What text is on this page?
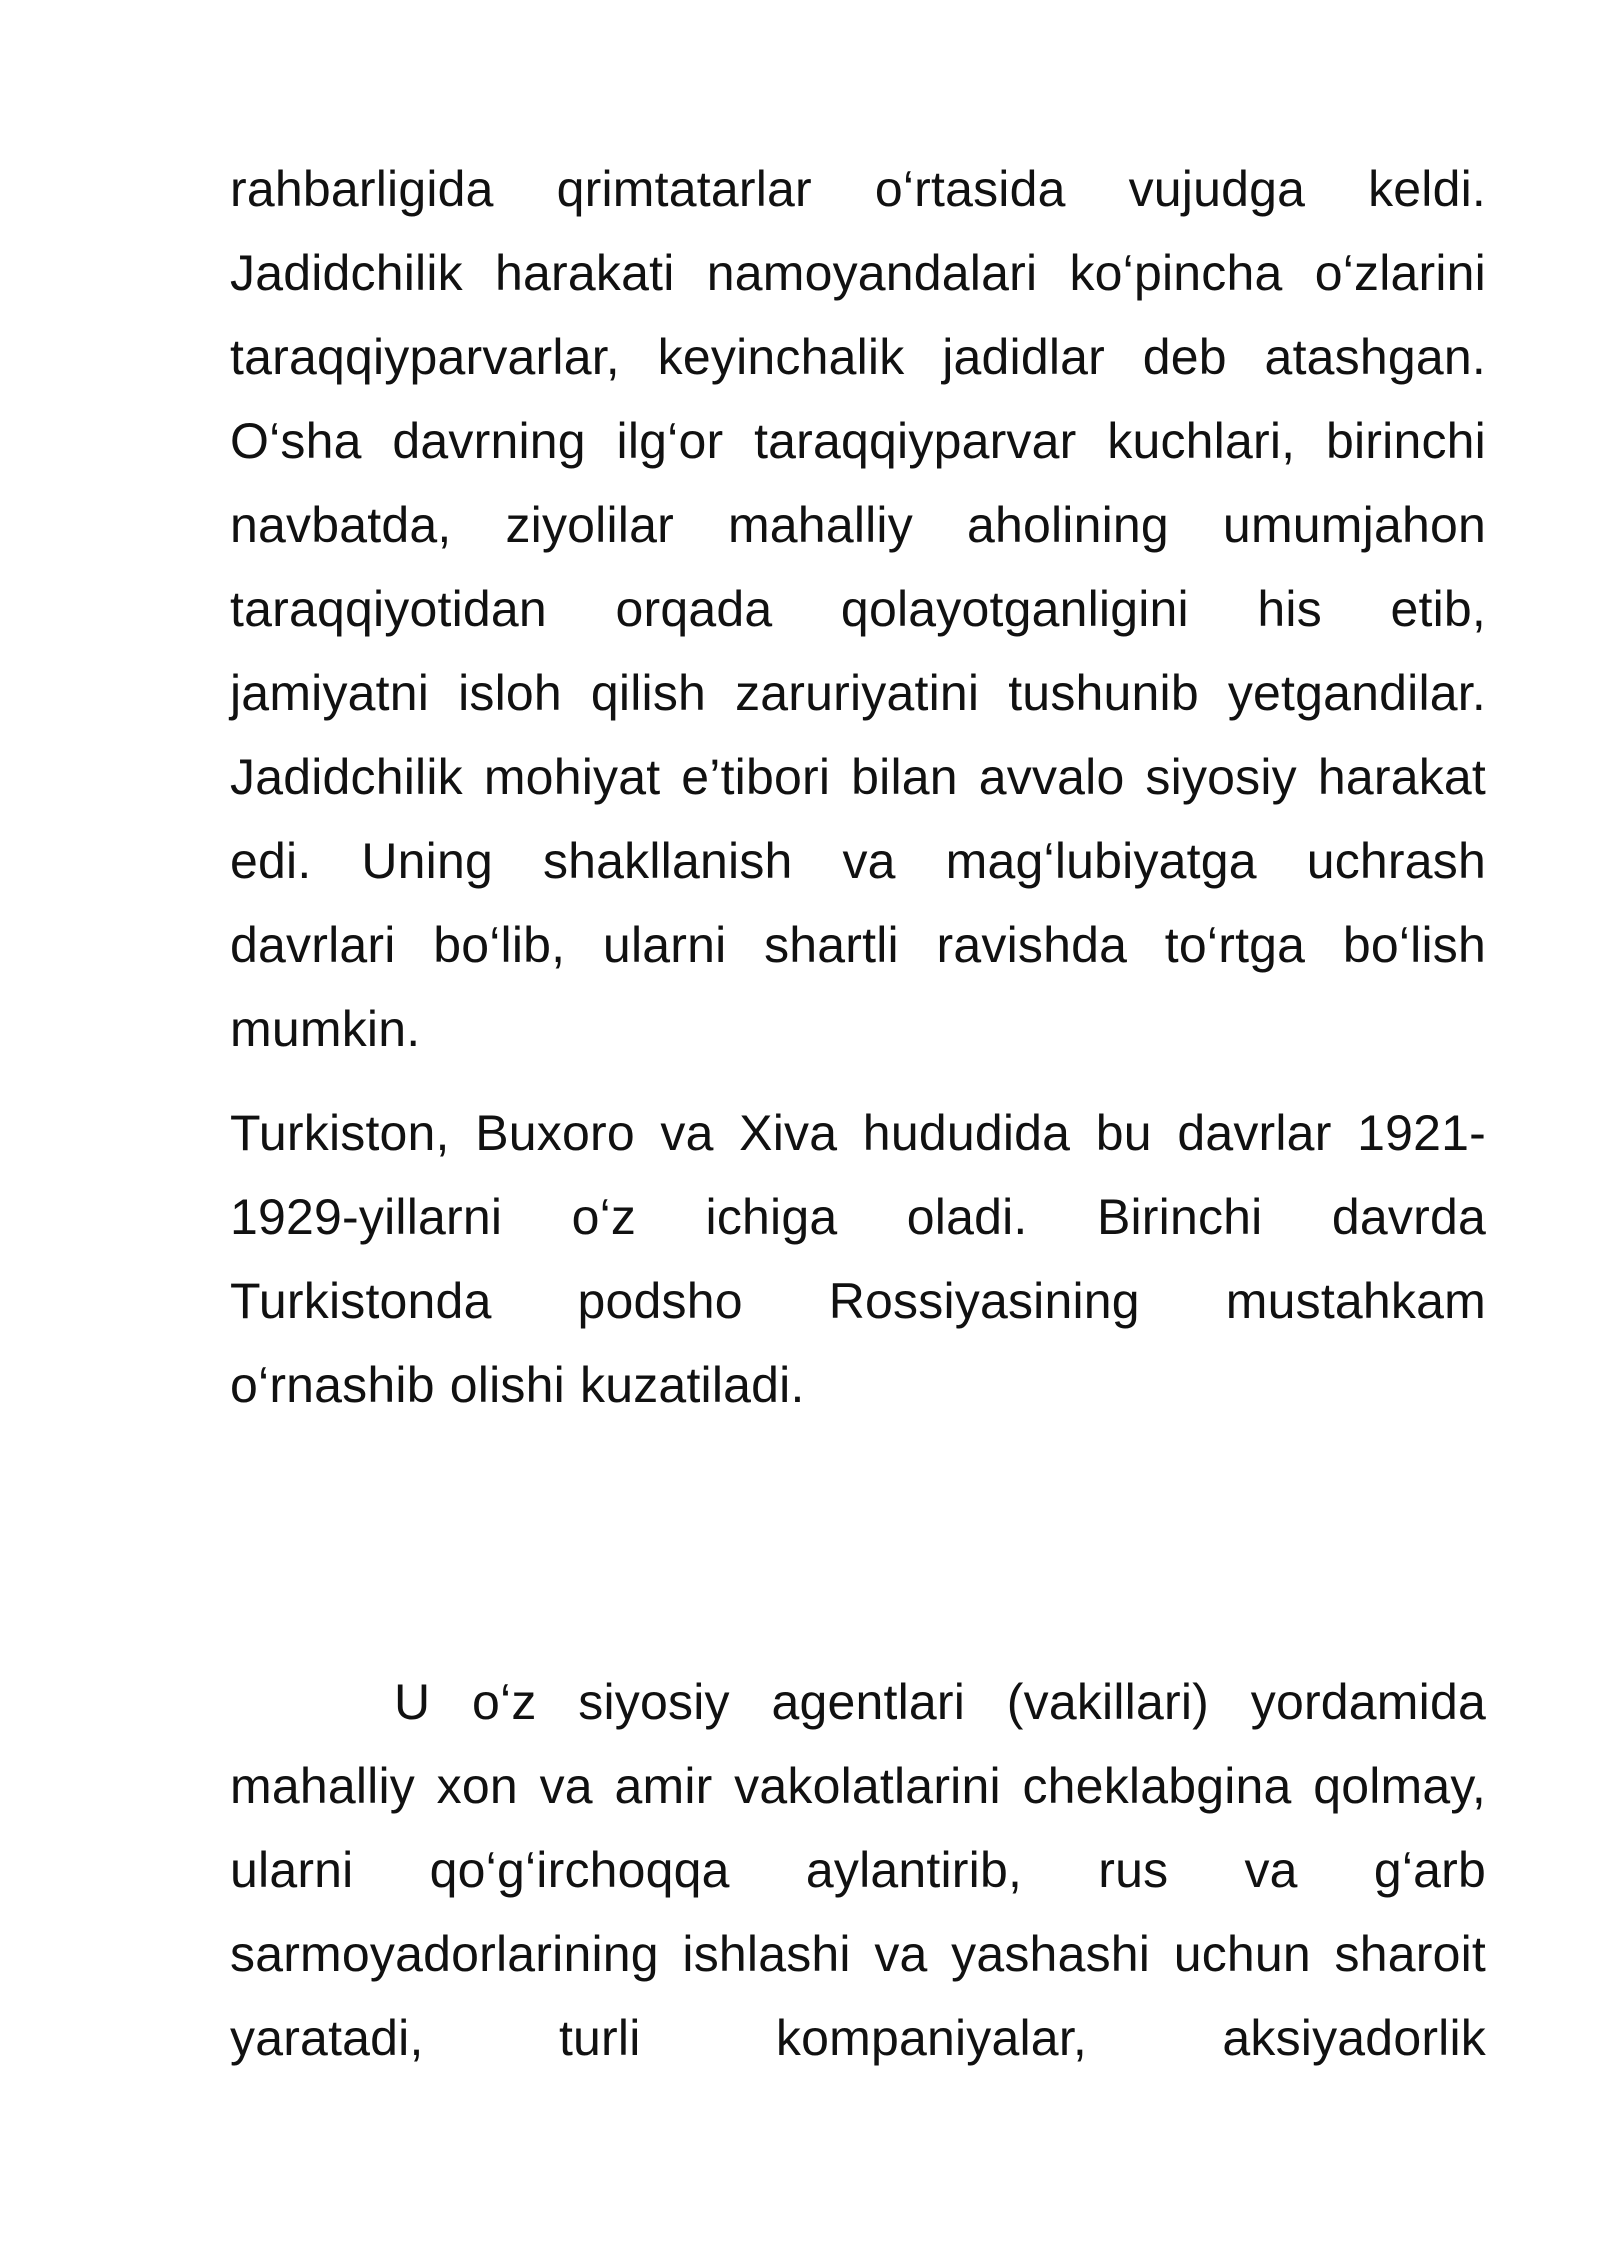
rahbarligida qrimtatarlar o‘rtasida vujudga keldi. Jadidchilik harakati namoyandalari ko‘pincha o‘zlarini taraqqiyparvarlar, keyinchalik jadidlar deb atashgan. O‘sha davrning ilg‘or taraqqiyparvar kuchlari, birinchi navbatda, ziyolilar mahalliy aholining umumjahon taraqqiyotidan orqada qolayotganligini his etib, jamiyatni isloh qilish zaruriyatini tushunib yetgandilar. Jadidchilik mohiyat e’tibori bilan avvalo siyosiy harakat edi. Uning shakllanish va mag‘lubiyatga uchrash davrlari bo‘lib, ularni shartli ravishda to‘rtga bo‘lish mumkin.

Turkiston, Buxoro va Xiva hududida bu davrlar 1921-1929-yillarni o‘z ichiga oladi. Birinchi davrda Turkistonda podsho Rossiyasining mustahkam o‘rnashib olishi kuzatiladi.

U o‘z siyosiy agentlari (vakillari) yordamida mahalliy xon va amir vakolatlarini cheklabgina qolmay, ularni qo‘g‘irchoqqa aylantirib, rus va g‘arb sarmoyadorlarining ishlashi va yashashi uchun sharoit yaratadi, turli kompaniyalar, aksiyadorlik
